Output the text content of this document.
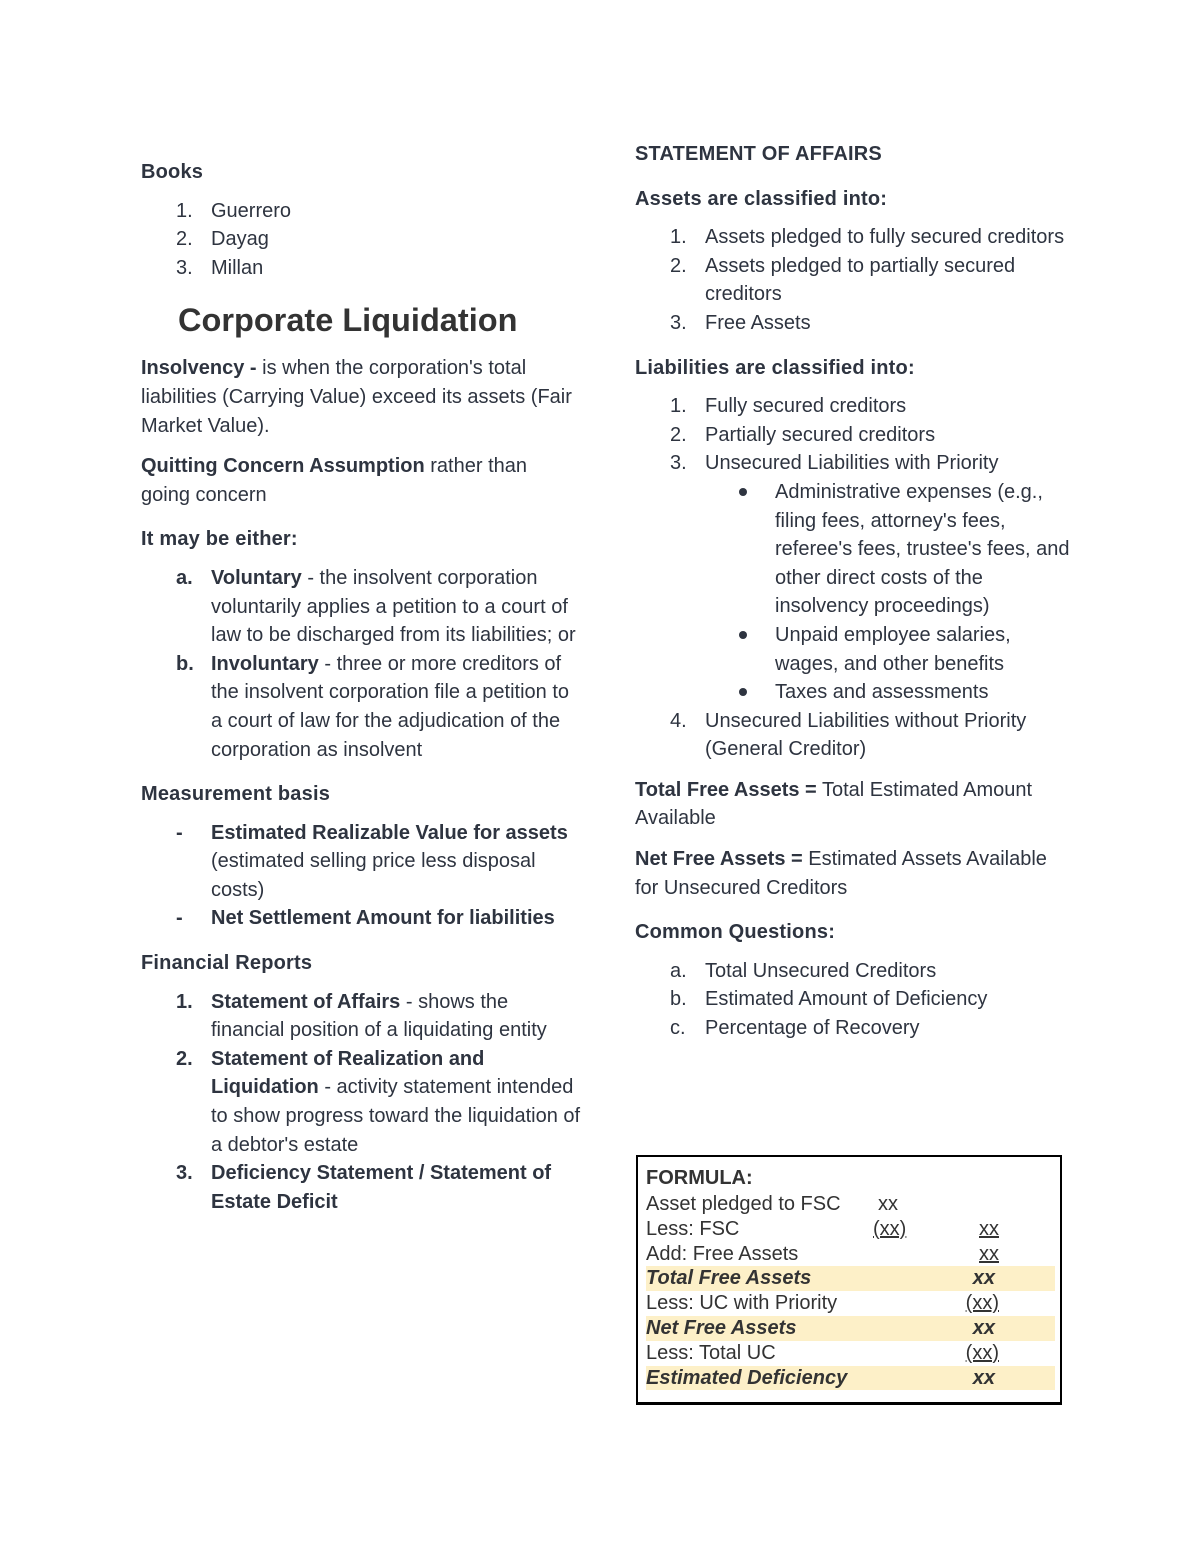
Books
1. Guerrero
2. Dayag
3. Millan
Corporate Liquidation
Insolvency - is when the corporation's total liabilities (Carrying Value) exceed its assets (Fair Market Value).
Quitting Concern Assumption rather than going concern
It may be either:
a. Voluntary - the insolvent corporation voluntarily applies a petition to a court of law to be discharged from its liabilities; or
b. Involuntary - three or more creditors of the insolvent corporation file a petition to a court of law for the adjudication of the corporation as insolvent
Measurement basis
-	Estimated Realizable Value for assets (estimated selling price less disposal costs)
-	Net Settlement Amount for liabilities
Financial Reports
1. Statement of Affairs - shows the financial position of a liquidating entity
2. Statement of Realization and Liquidation - activity statement intended to show progress toward the liquidation of a debtor's estate
3. Deficiency Statement / Statement of Estate Deficit
STATEMENT OF AFFAIRS
Assets are classified into:
1. Assets pledged to fully secured creditors
2. Assets pledged to partially secured creditors
3. Free Assets
Liabilities are classified into:
1. Fully secured creditors
2. Partially secured creditors
3. Unsecured Liabilities with Priority
Administrative expenses (e.g., filing fees, attorney's fees, referee's fees, trustee's fees, and other direct costs of the insolvency proceedings)
Unpaid employee salaries, wages, and other benefits
Taxes and assessments
4. Unsecured Liabilities without Priority (General Creditor)
Total Free Assets = Total Estimated Amount Available
Net Free Assets = Estimated Assets Available for Unsecured Creditors
Common Questions:
a. Total Unsecured Creditors
b. Estimated Amount of Deficiency
c. Percentage of Recovery
FORMULA:
Asset pledged to FSC xx
Less: FSC	(xx)	xx
Add: Free Assets	xx
Total Free Assets	xx
Less: UC with Priority	(xx)
Net Free Assets	xx
Less: Total UC	(xx)
Estimated Deficiency	xx
